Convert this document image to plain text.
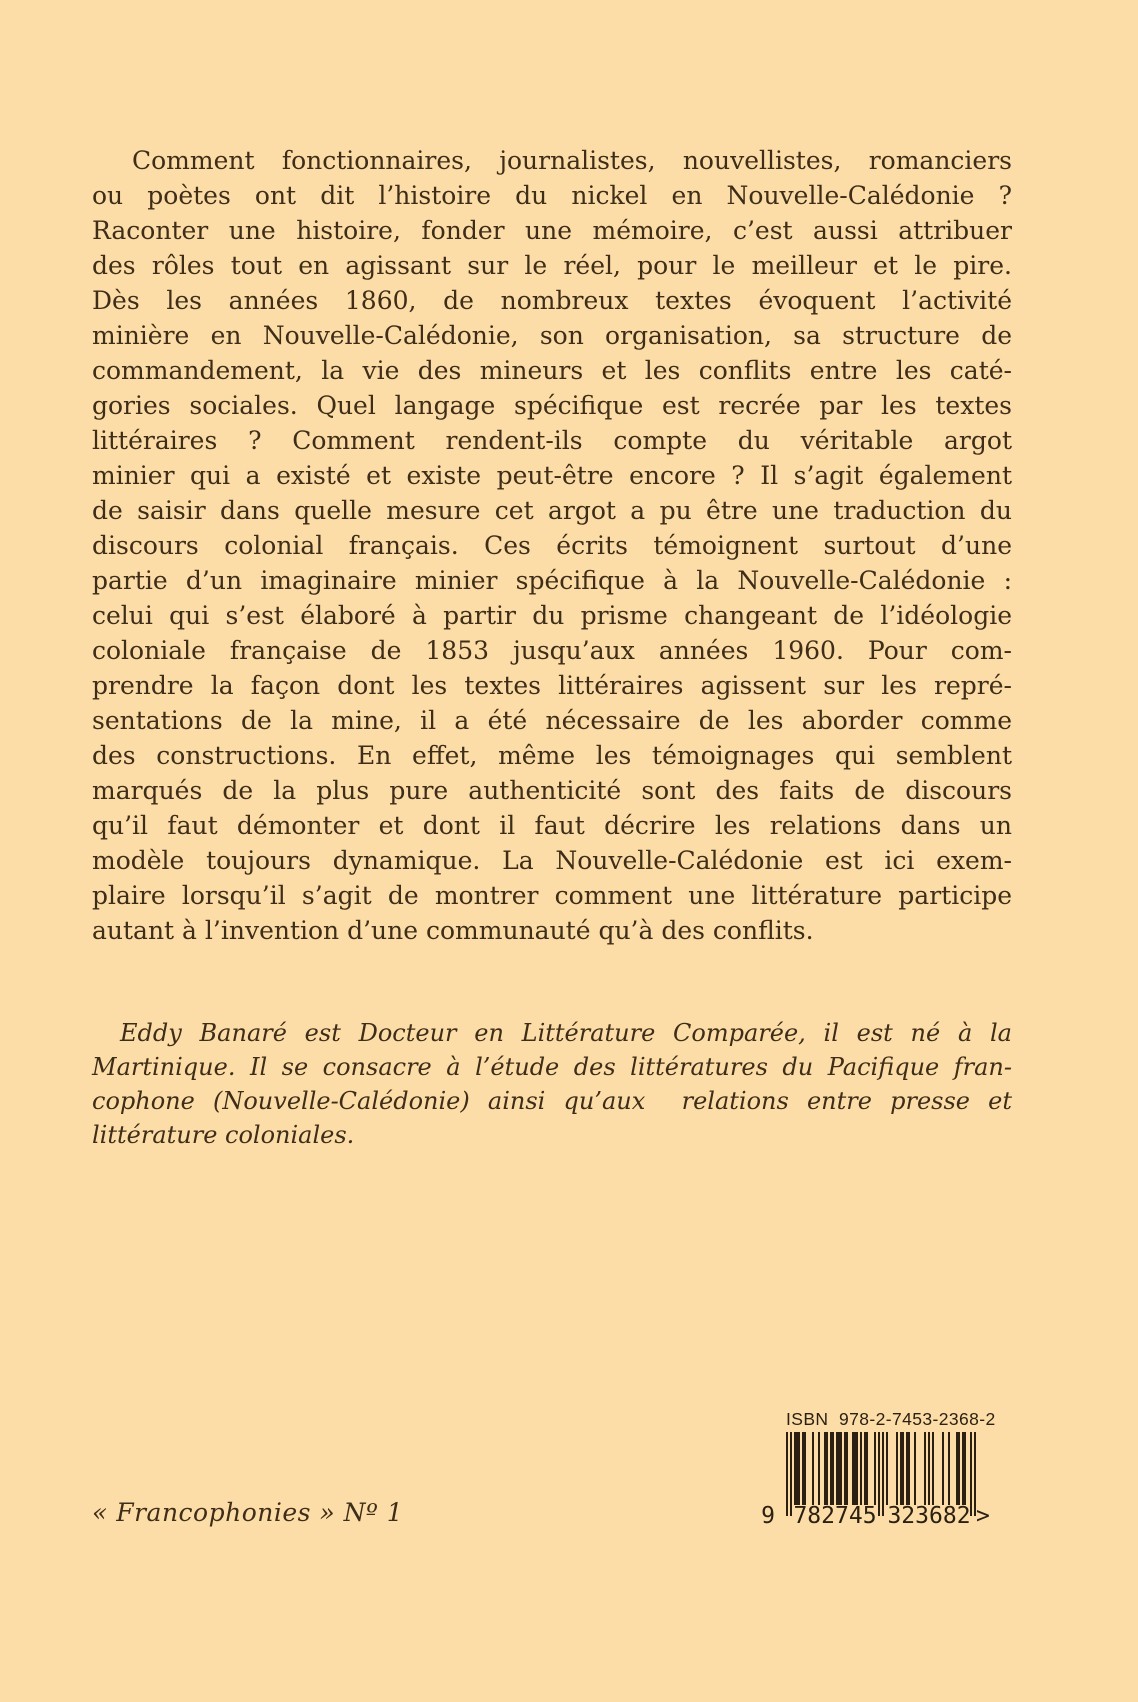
Comment fonctionnaires, journalistes, nouvellistes, romanciers
ou poètes ont dit l’histoire du nickel en Nouvelle-Calédonie ?
Raconter une histoire, fonder une mémoire, c’est aussi attribuer
des rôles tout en agissant sur le réel, pour le meilleur et le pire.
Dès les années 1860, de nombreux textes évoquent l’activité
minière en Nouvelle-Calédonie, son organisation, sa structure de
commandement, la vie des mineurs et les conflits entre les caté-
gories sociales. Quel langage spécifique est recrée par les textes
littéraires ? Comment rendent-ils compte du véritable argot
minier qui a existé et existe peut-être encore ? Il s’agit également
de saisir dans quelle mesure cet argot a pu être une traduction du
discours colonial français. Ces écrits témoignent surtout d’une
partie d’un imaginaire minier spécifique à la Nouvelle-Calédonie :
celui qui s’est élaboré à partir du prisme changeant de l’idéologie
coloniale française de 1853 jusqu’aux années 1960. Pour com-
prendre la façon dont les textes littéraires agissent sur les repré-
sentations de la mine, il a été nécessaire de les aborder comme
des constructions. En effet, même les témoignages qui semblent
marqués de la plus pure authenticité sont des faits de discours
qu’il faut démonter et dont il faut décrire les relations dans un
modèle toujours dynamique. La Nouvelle-Calédonie est ici exem-
plaire lorsqu’il s’agit de montrer comment une littérature participe
autant à l’invention d’une communauté qu’à des conflits.
Eddy Banaré est Docteur en Littérature Comparée, il est né à la
Martinique. Il se consacre à l’étude des littératures du Pacifique fran-
cophone (Nouvelle-Calédonie) ainsi qu’aux  relations entre presse et
littérature coloniales.
« Francophonies » Nº 1
ISBN  978-2-7453-2368-2
9 782745 323682 >
